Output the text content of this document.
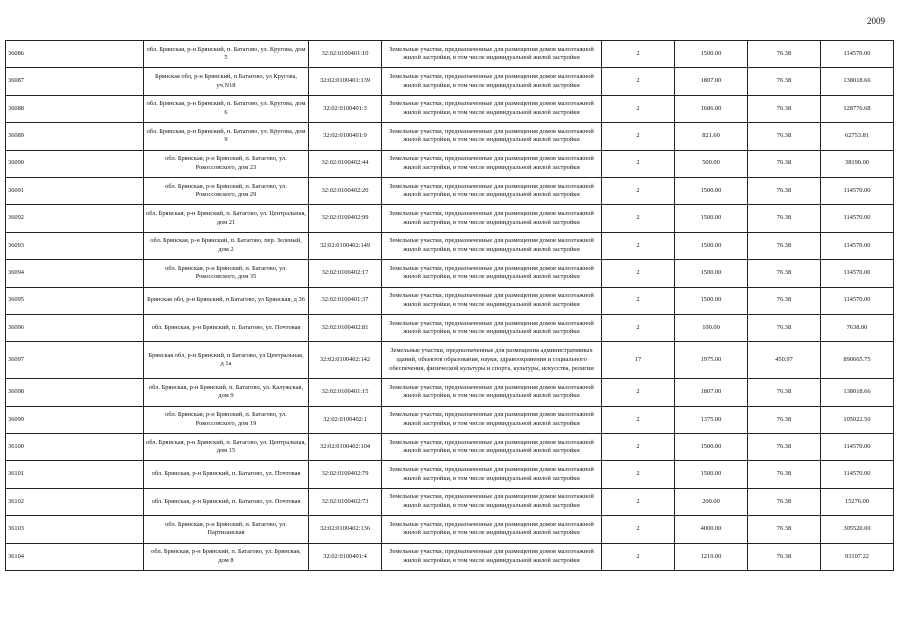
2009
36086	обл. Брянская, р-н Брянский, п. Батагово, ул. Кругова, дом 5	32:02:0100401:10	Земельные участки, предназначенные для размещения домов малоэтажной жилой застройки, в том числе индивидуальной жилой застройки	2	1500.00	76.38	114570.00
36087	Брянская обл, р-н Брянский, п Батагово, ул Кругова, уч.N18	32:02:0100401:139	Земельные участки, предназначенные для размещения домов малоэтажной жилой застройки, в том числе индивидуальной жилой застройки	2	1807.00	76.38	138018.66
36088	обл. Брянская, р-н Брянский, п. Батагово, ул. Кругова, дом 6	32:02:0100401:3	Земельные участки, предназначенные для размещения домов малоэтажной жилой застройки, в том числе индивидуальной жилой застройки	2	1686.00	76.38	128776.68
36089	обл. Брянская, р-н Брянский, п. Батагово, ул. Кругова, дом 9	32:02:0100401:9	Земельные участки, предназначенные для размещения домов малоэтажной жилой застройки, в том числе индивидуальной жилой застройки	2	821.60	76.38	62753.81
36090	обл. Брянская, р-н Брянский, п. Батагово, ул. Рокоссовского, дом 23	32:02:0100402:44	Земельные участки, предназначенные для размещения домов малоэтажной жилой застройки, в том числе индивидуальной жилой застройки	2	500.00	76.38	38190.00
36091	обл. Брянская, р-н Брянский, п. Батагово, ул. Рокоссовского, дом 29	32:02:0100402:20	Земельные участки, предназначенные для размещения домов малоэтажной жилой застройки, в том числе индивидуальной жилой застройки	2	1500.00	76.38	114570.00
36092	обл. Брянская, р-н Брянский, п. Батагово, ул. Центральная, дом 21	32:02:0100402:99	Земельные участки, предназначенные для размещения домов малоэтажной жилой застройки, в том числе индивидуальной жилой застройки	2	1500.00	76.38	114570.00
36093	обл. Брянская, р-н Брянский, п. Батагово, пер. Зеленый, дом 2	32:02:0100402:149	Земельные участки, предназначенные для размещения домов малоэтажной жилой застройки, в том числе индивидуальной жилой застройки	2	1500.00	76.38	114570.00
36094	обл. Брянская, р-н Брянский, п. Батагово, ул. Рокоссовского, дом 35	32:02:0100402:17	Земельные участки, предназначенные для размещения домов малоэтажной жилой застройки, в том числе индивидуальной жилой застройки	2	1500.00	76.38	114570.00
36095	Брянская обл, р-н Брянский, п Батагово, ул Брянская, д 36	32:02:0100401:37	Земельные участки, предназначенные для размещения домов малоэтажной жилой застройки, в том числе индивидуальной жилой застройки	2	1500.00	76.38	114570.00
36096	обл. Брянская, р-н Брянский, п. Батагово, ул. Почтовая	32:02:0100402:81	Земельные участки, предназначенные для размещения домов малоэтажной жилой застройки, в том числе индивидуальной жилой застройки	2	100.00	76.38	7638.00
36097	Брянская обл, р-н Брянский, п Батагово, ул Центральная, д 1а	32:02:0100402:142	Земельные участки, предназначенные для размещения административных зданий, объектов образования, науки, здравоохранения и социального обеспечения, физической культуры и спорта, культуры, искусства, религии	17	1975.00	450.97	890665.75
36098	обл. Брянская, р-н Брянский, п. Батагово, ул. Калужская, дом 9	32:02:0100401:15	Земельные участки, предназначенные для размещения домов малоэтажной жилой застройки, в том числе индивидуальной жилой застройки	2	1807.00	76.38	138018.66
36099	обл. Брянская, р-н Брянский, п. Батагово, ул. Рокоссовского, дом 19	32:02:0100402:1	Земельные участки, предназначенные для размещения домов малоэтажной жилой застройки, в том числе индивидуальной жилой застройки	2	1375.00	76.38	105022.50
36100	обл. Брянская, р-н Брянский, п. Батагово, ул. Центральная, дом 15	32:02:0100402:104	Земельные участки, предназначенные для размещения домов малоэтажной жилой застройки, в том числе индивидуальной жилой застройки	2	1500.00	76.38	114570.00
36101	обл. Брянская, р-н Брянский, п. Батагово, ул. Почтовая	32:02:0100402:79	Земельные участки, предназначенные для размещения домов малоэтажной жилой застройки, в том числе индивидуальной жилой застройки	2	1500.00	76.38	114570.00
36102	обл. Брянская, р-н Брянский, п. Батагово, ул. Почтовая	32:02:0100402:73	Земельные участки, предназначенные для размещения домов малоэтажной жилой застройки, в том числе индивидуальной жилой застройки	2	200.00	76.38	15276.00
36103	обл. Брянская, р-н Брянский, п. Батагово, ул. Партизанская	32:02:0100402:136	Земельные участки, предназначенные для размещения домов малоэтажной жилой застройки, в том числе индивидуальной жилой застройки	2	4000.00	76.38	305520.00
36104	обл. Брянская, р-н Брянский, п. Батагово, ул. Брянская, дом 8	32:02:0100401:4	Земельные участки, предназначенные для размещения домов малоэтажной жилой застройки, в том числе индивидуальной жилой застройки	2	1219.00	76.38	93107.22
